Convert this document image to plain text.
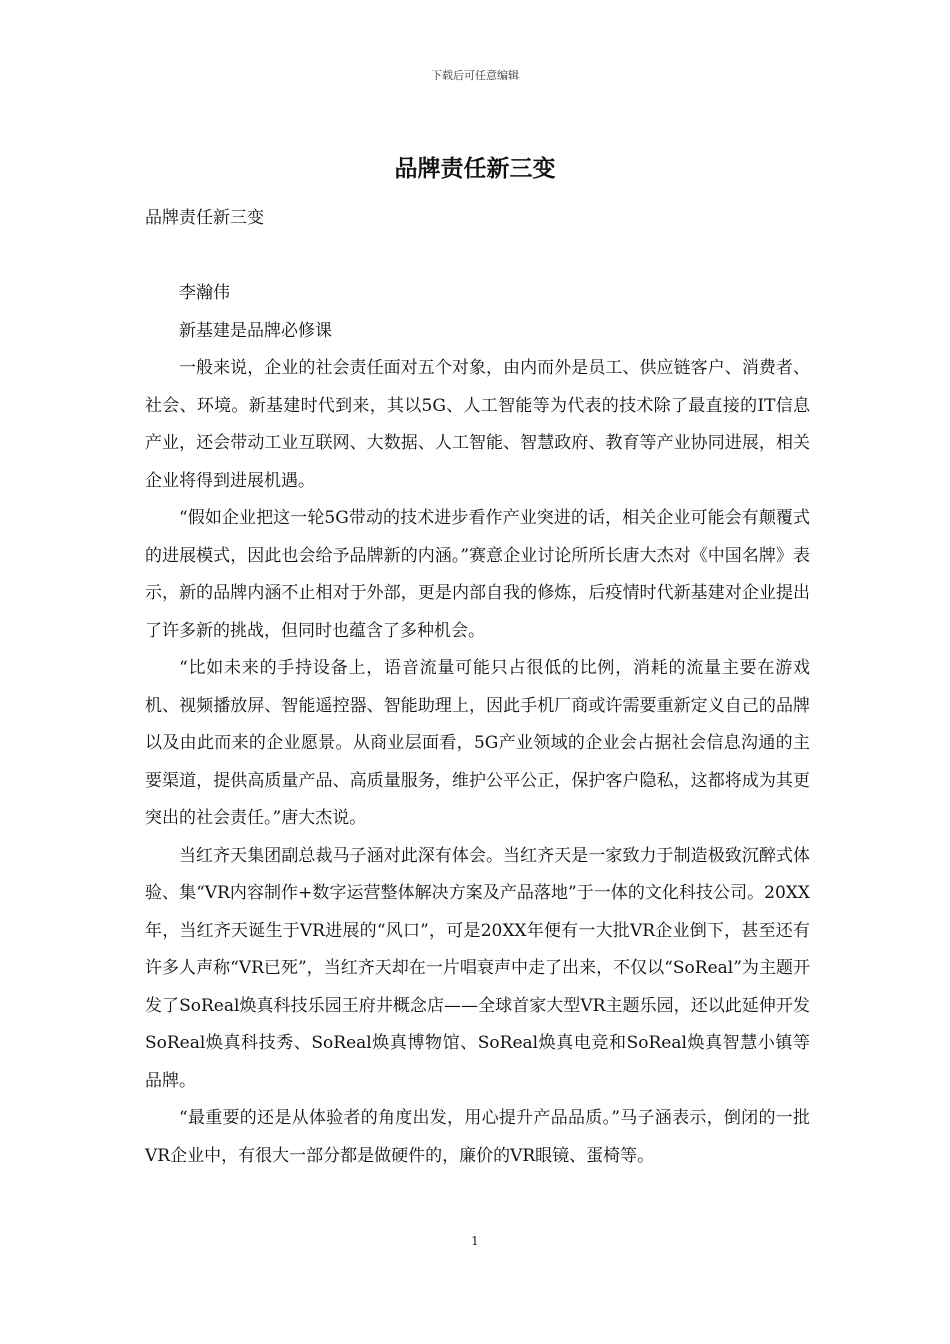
下载后可任意编辑
品牌责任新三变

品牌责任新三变

李瀚伟

新基建是品牌必修课

一般来说，企业的社会责任面对五个对象，由内而外是员工、供应链客户、消费者、社会、环境。新基建时代到来，其以5G、人工智能等为代表的技术除了最直接的IT信息产业，还会带动工业互联网、大数据、人工智能、智慧政府、教育等产业协同进展，相关企业将得到进展机遇。

“假如企业把这一轮5G带动的技术进步看作产业突进的话，相关企业可能会有颠覆式的进展模式，因此也会给予品牌新的内涵。”赛意企业讨论所所长唐大杰对《中国名牌》表示，新的品牌内涵不止相对于外部，更是内部自我的修炼，后疫情时代新基建对企业提出了许多新的挑战，但同时也蕴含了多种机会。

“比如未来的手持设备上，语音流量可能只占很低的比例，消耗的流量主要在游戏机、视频播放屏、智能遥控器、智能助理上，因此手机厂商或许需要重新定义自己的品牌以及由此而来的企业愿景。从商业层面看，5G产业领域的企业会占据社会信息沟通的主要渠道，提供高质量产品、高质量服务，维护公平公正，保护客户隐私，这都将成为其更突出的社会责任。”唐大杰说。

当红齐天集团副总裁马子涵对此深有体会。当红齐天是一家致力于制造极致沉醉式体验、集“VR内容制作+数字运营整体解决方案及产品落地”于一体的文化科技公司。20XX年，当红齐天诞生于VR进展的“风口”，可是20XX年便有一大批VR企业倒下，甚至还有许多人声称“VR已死”，当红齐天却在一片唱衰声中走了出来，不仅以“SoReal”为主题开发了SoReal焕真科技乐园王府井概念店——全球首家大型VR主题乐园，还以此延伸开发SoReal焕真科技秀、SoReal焕真博物馆、SoReal焕真电竞和SoReal焕真智慧小镇等品牌。

“最重要的还是从体验者的角度出发，用心提升产品品质。”马子涵表示，倒闭的一批VR企业中，有很大一部分都是做硬件的，廉价的VR眼镜、蛋椅等。

1
